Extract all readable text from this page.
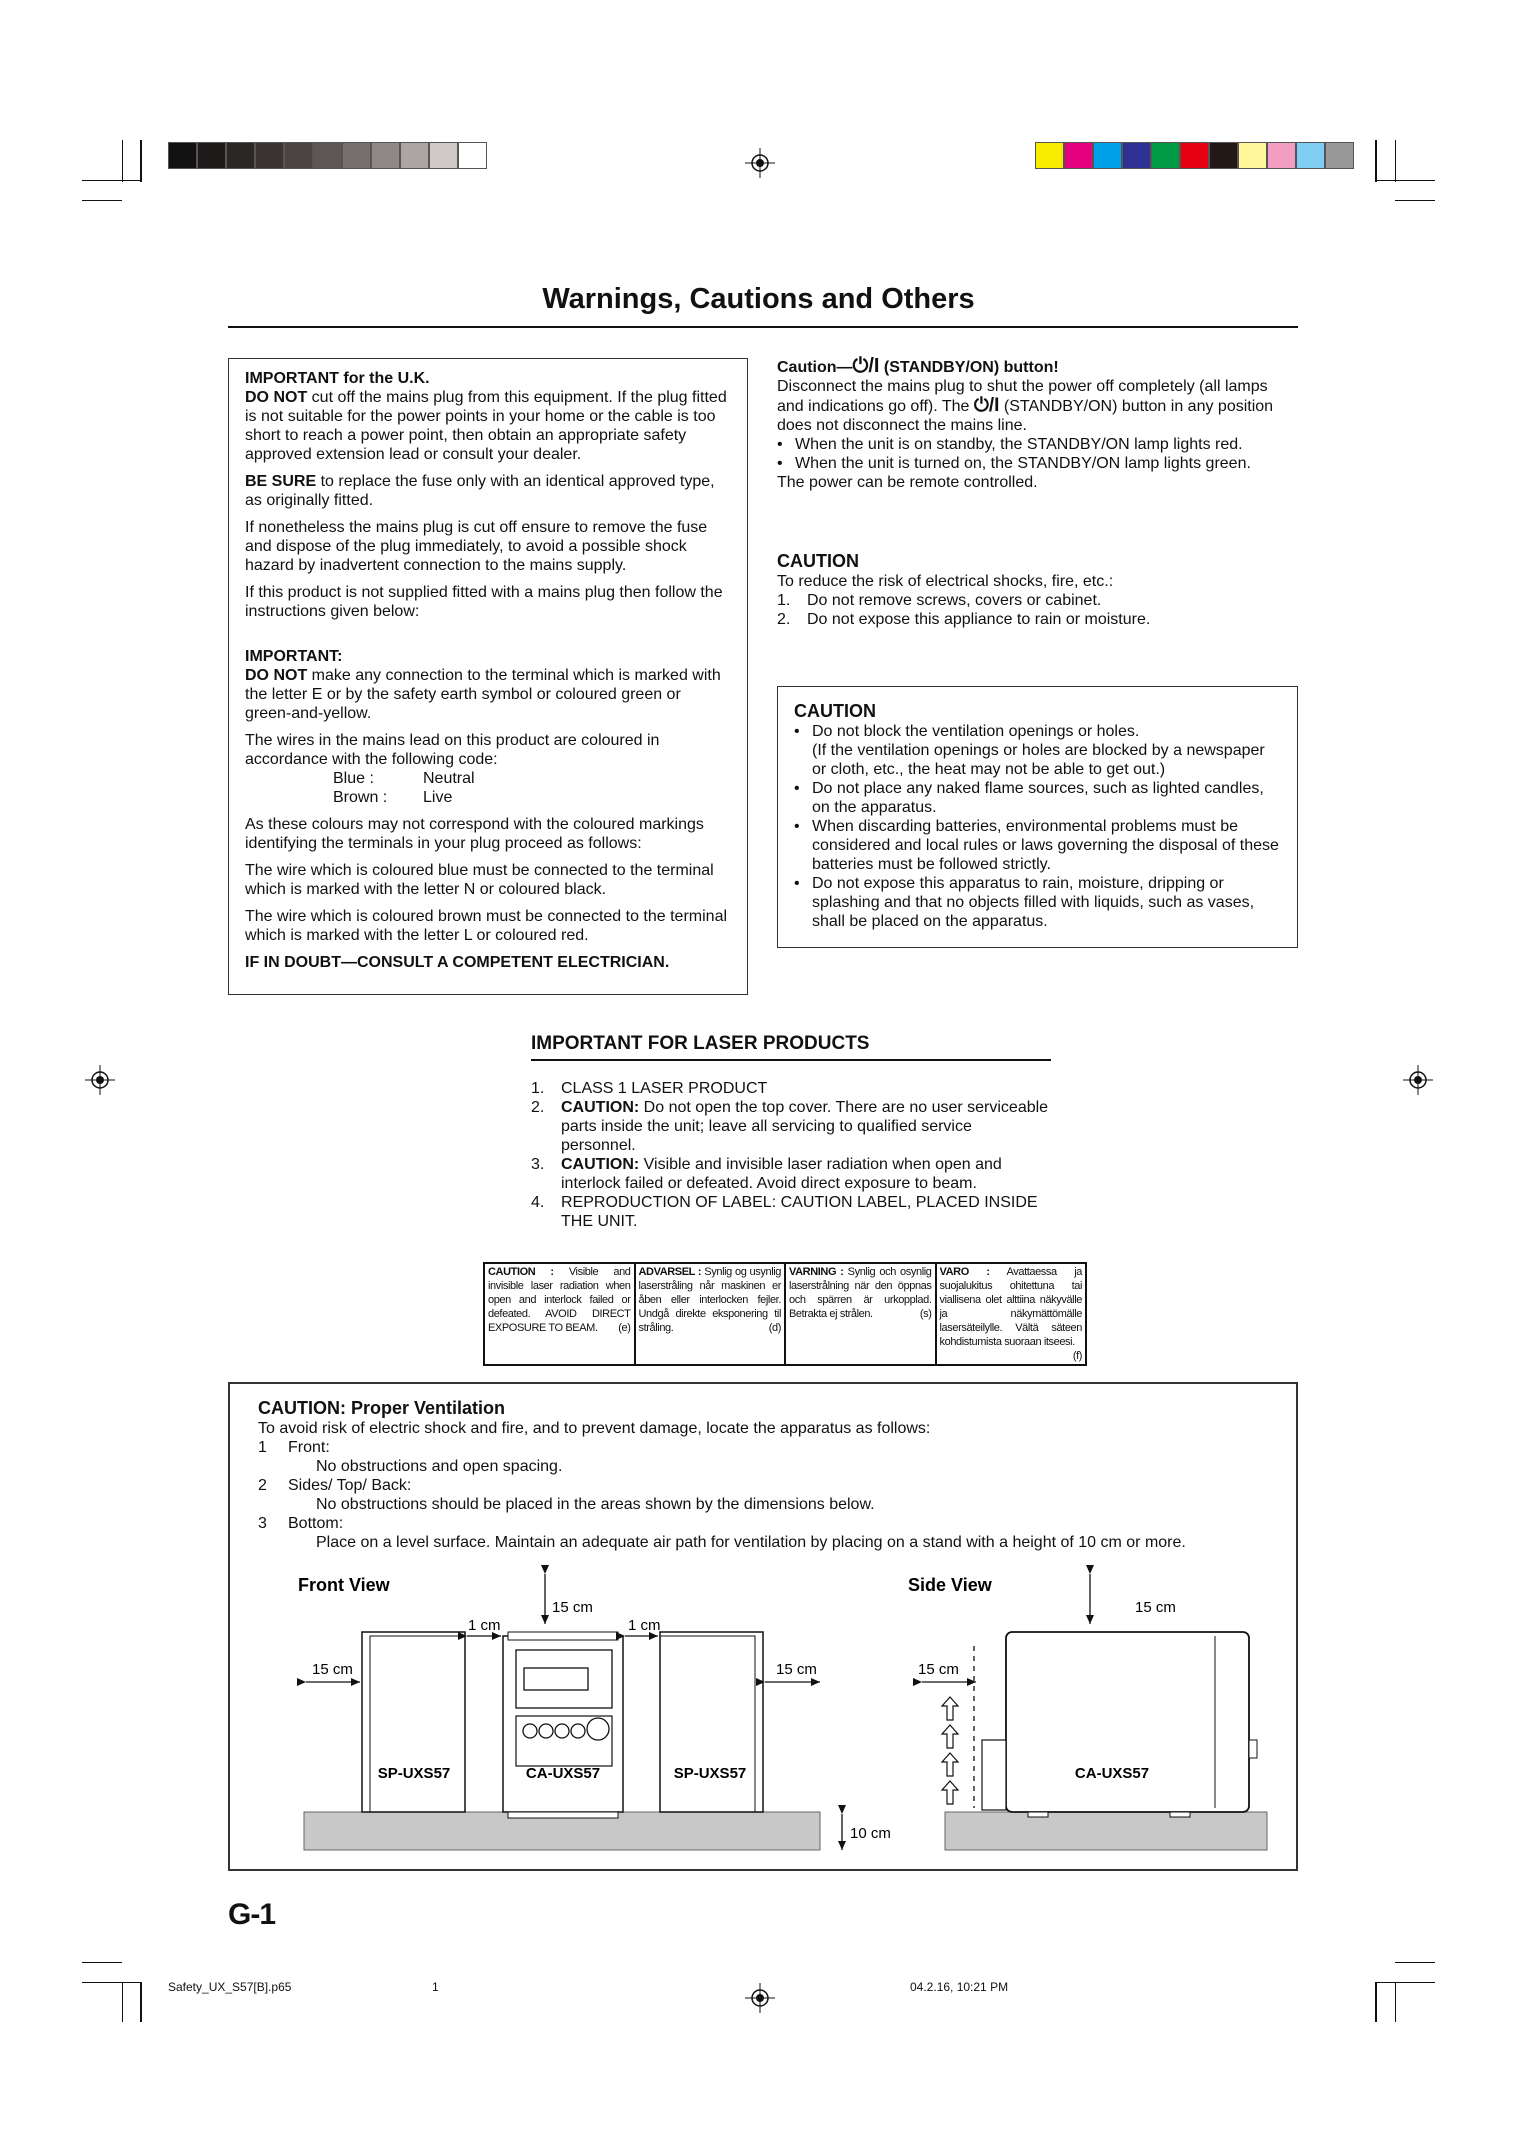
Warnings, Cautions and Others

IMPORTANT for the U.K.

DO NOT cut off the mains plug from this equipment. If the plug fitted is not suitable for the power points in your home or the cable is too short to reach a power point, then obtain an appropriate safety approved extension lead or consult your dealer.

BE SURE to replace the fuse only with an identical approved type, as originally fitted.

If nonetheless the mains plug is cut off ensure to remove the fuse and dispose of the plug immediately, to avoid a possible shock hazard by inadvertent connection to the mains supply.

If this product is not supplied fitted with a mains plug then follow the instructions given below:

IMPORTANT:

DO NOT make any connection to the terminal which is marked with the letter E or by the safety earth symbol or coloured green or green-and-yellow.

The wires in the mains lead on this product are coloured in accordance with the following code:

Blue :	Neutral

Brown : Live

As these colours may not correspond with the coloured markings identifying the terminals in your plug proceed as follows:

The wire which is coloured blue must be connected to the terminal which is marked with the letter N or coloured black.

The wire which is coloured brown must be connected to the terminal which is marked with the letter L or coloured red.

IF IN DOUBT—CONSULT A COMPETENT ELECTRICIAN.

Caution—⏻/I (STANDBY/ON) button!

Disconnect the mains plug to shut the power off completely (all lamps and indications go off). The ⏻/I (STANDBY/ON) button in any position does not disconnect the mains line.

• When the unit is on standby, the STANDBY/ON lamp lights red.
• When the unit is turned on, the STANDBY/ON lamp lights green.

The power can be remote controlled.

CAUTION

To reduce the risk of electrical shocks, fire, etc.:

1. Do not remove screws, covers or cabinet.
2. Do not expose this appliance to rain or moisture.

CAUTION

• Do not block the ventilation openings or holes.
(If the ventilation openings or holes are blocked by a newspaper or cloth, etc., the heat may not be able to get out.)
• Do not place any naked flame sources, such as lighted candles, on the apparatus.
• When discarding batteries, environmental problems must be considered and local rules or laws governing the disposal of these batteries must be followed strictly.
• Do not expose this apparatus to rain, moisture, dripping or splashing and that no objects filled with liquids, such as vases, shall be placed on the apparatus.

IMPORTANT FOR LASER PRODUCTS

1. CLASS 1 LASER PRODUCT
2. CAUTION: Do not open the top cover. There are no user serviceable parts inside the unit; leave all servicing to qualified service personnel.
3. CAUTION: Visible and invisible laser radiation when open and interlock failed or defeated. Avoid direct exposure to beam.
4. REPRODUCTION OF LABEL: CAUTION LABEL, PLACED INSIDE THE UNIT.
CAUTION : Visible and invisible laser radiation when open and interlock failed or defeated. AVOID DIRECT EXPOSURE TO BEAM. (e)
	ADVARSEL : Synlig og usynlig laserstråling når maskinen er åben eller interlocken fejler. Undgå direkte eksponering til stråling.	(d)
	VARNING : Synlig och osynlig laserstrålning när den öppnas och spärren är urkopplad. Betrakta ej strålen.	(s)
	VARO : Avattaessa ja suojalukitus ohitettuna tai viallisena olet alttiina näkyvälle ja näkymättömälle lasersäteilylle. Vältä säteen kohdistumista suoraan itseesi.
(f)

CAUTION: Proper Ventilation

To avoid risk of electric shock and fire, and to prevent damage, locate the apparatus as follows:

1 Front:

No obstructions and open spacing.

2 Sides/ Top/ Back:

No obstructions should be placed in the areas shown by the dimensions below.

3 Bottom:

Place on a level surface. Maintain an adequate air path for ventilation by placing on a stand with a height of 10 cm or more.

Front View	Side View
SP-UXS57	CA-UXS57	SP-UXS57
15 cm
1 cm	1 cm
15 cm	15 cm
10 cm
CA-UXS57
15 cm
15 cm
G-1
Safety_UX_S57[B].p65	1	04.2.16, 10:21 PM
